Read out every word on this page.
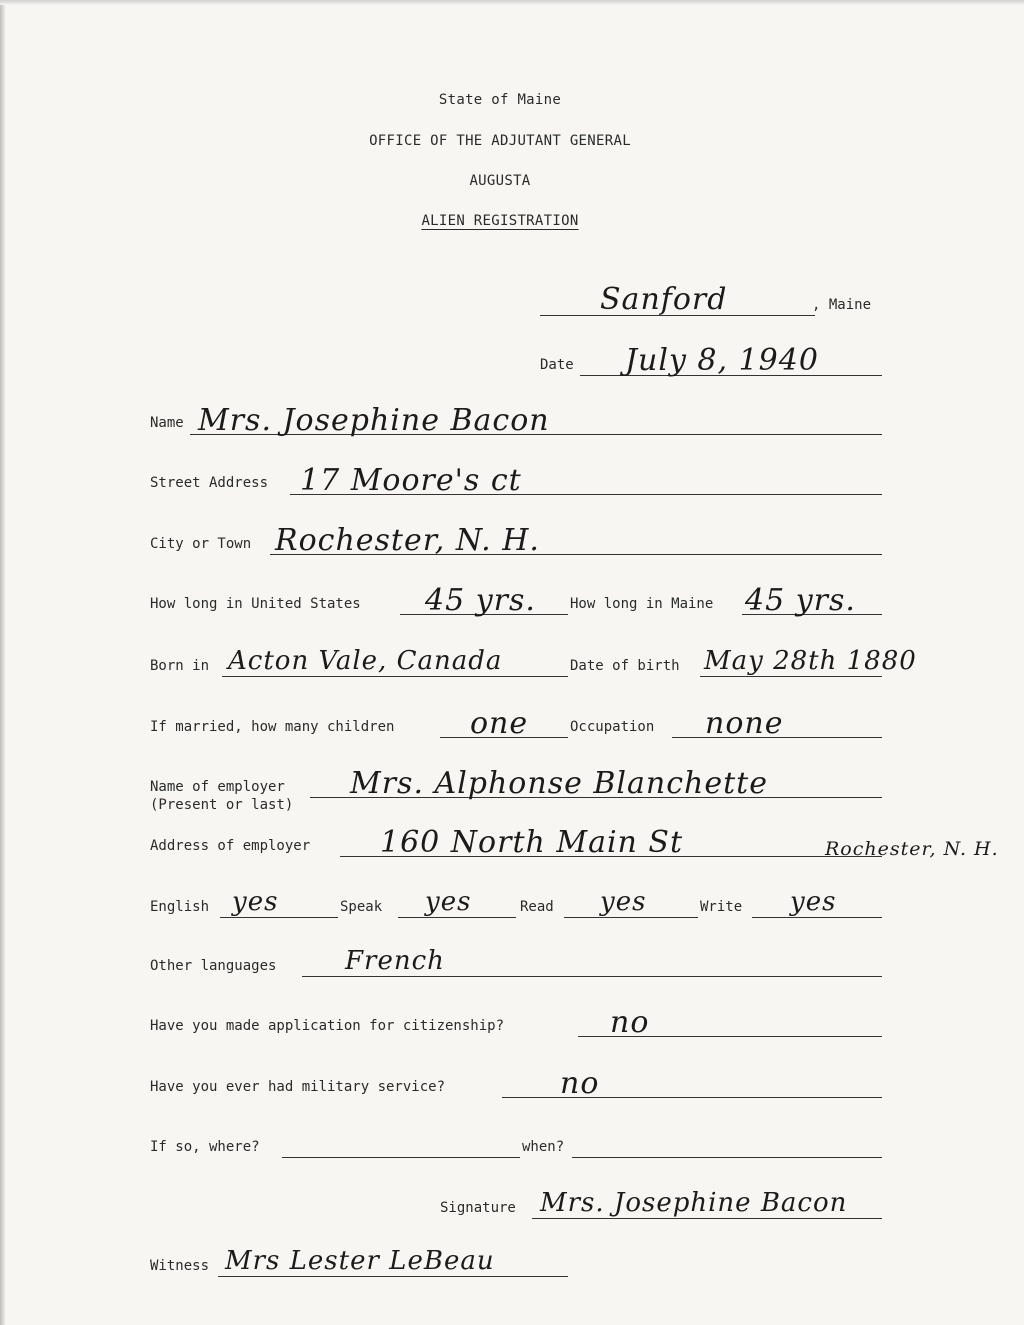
State of Maine
OFFICE OF THE ADJUTANT GENERAL
AUGUSTA
ALIEN REGISTRATION
Sanford	, Maine
Date July 8, 1940
Name Mrs. Josephine Bacon
Street Address 17 Moore's ct
City or Town Rochester, N. H.
How long in United States 45 yrs. How long in Maine 45 yrs.
Born in Acton Vale, Canada	Date of birth May 28th 1880
If married, how many children	one	Occupation none
Name of employer
(Present or last)
Mrs. Alphonse Blanchette
Address of employer 160 North Main St	Rochester, N. H.
English yes	Speak yes	Read yes	Write yes
Other languages	French
Have you made application for citizenship?	no
Have you ever had military service?	no
If so, where?	when?
Signature Mrs. Josephine Bacon
Witness Mrs Lester LeBeau
